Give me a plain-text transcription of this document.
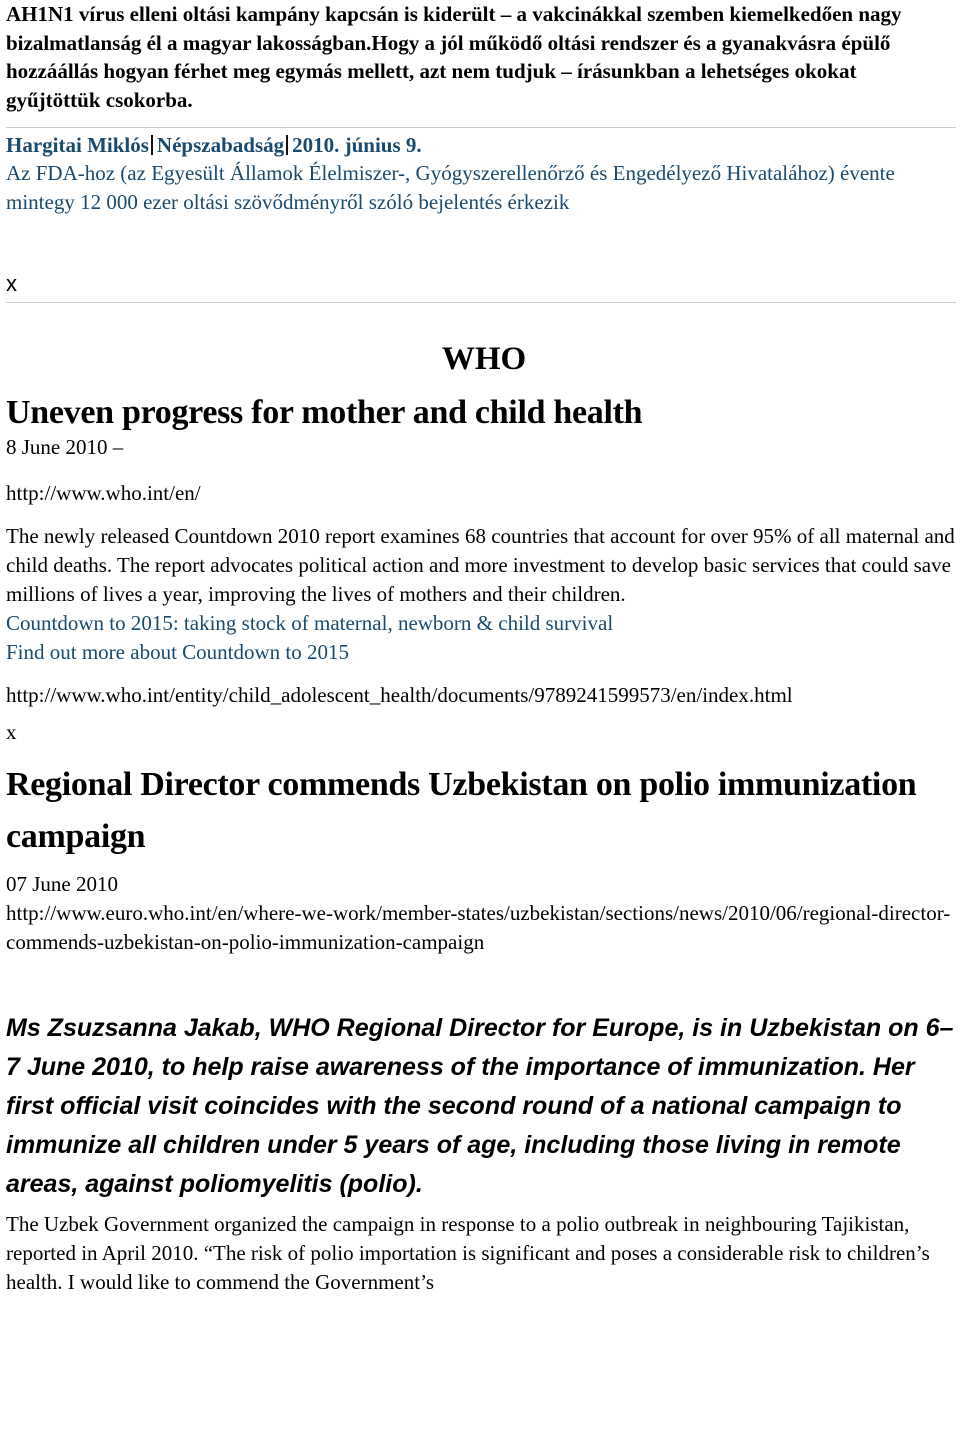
AH1N1 vírus elleni oltási kampány kapcsán is kiderült – a vakcinákkal szemben kiemelkedően nagy bizalmatlanság él a magyar lakosságban.Hogy a jól működő oltási rendszer és a gyanakvásra épülő hozzáállás hogyan férhet meg egymás mellett, azt nem tudjuk – írásunkban a lehetséges okokat gyűjtöttük csokorba.

Hargitai Miklós Népszabadság 2010. június 9.

Az FDA-hoz (az Egyesült Államok Élelmiszer-, Gyógyszerellenőrző és Engedélyező Hivatalához) évente mintegy 12 000 ezer oltási szövődményről szóló bejelentés érkezik

x
WHO
Uneven progress for mother and child health
8 June 2010 –
http://www.who.int/en/
The newly released Countdown 2010 report examines 68 countries that account for over 95% of all maternal and child deaths. The report advocates political action and more investment to develop basic services that could save millions of lives a year, improving the lives of mothers and their children.
Countdown to 2015: taking stock of maternal, newborn & child survival
Find out more about Countdown to 2015
http://www.who.int/entity/child_adolescent_health/documents/9789241599573/en/index.html
x
Regional Director commends Uzbekistan on polio immunization campaign
07 June 2010
http://www.euro.who.int/en/where-we-work/member-states/uzbekistan/sections/news/2010/06/regional-director-commends-uzbekistan-on-polio-immunization-campaign
Ms Zsuzsanna Jakab, WHO Regional Director for Europe, is in Uzbekistan on 6–7 June 2010, to help raise awareness of the importance of immunization. Her first official visit coincides with the second round of a national campaign to immunize all children under 5 years of age, including those living in remote areas, against poliomyelitis (polio).
The Uzbek Government organized the campaign in response to a polio outbreak in neighbouring Tajikistan, reported in April 2010. “The risk of polio importation is significant and poses a considerable risk to children’s health. I would like to commend the Government’s
